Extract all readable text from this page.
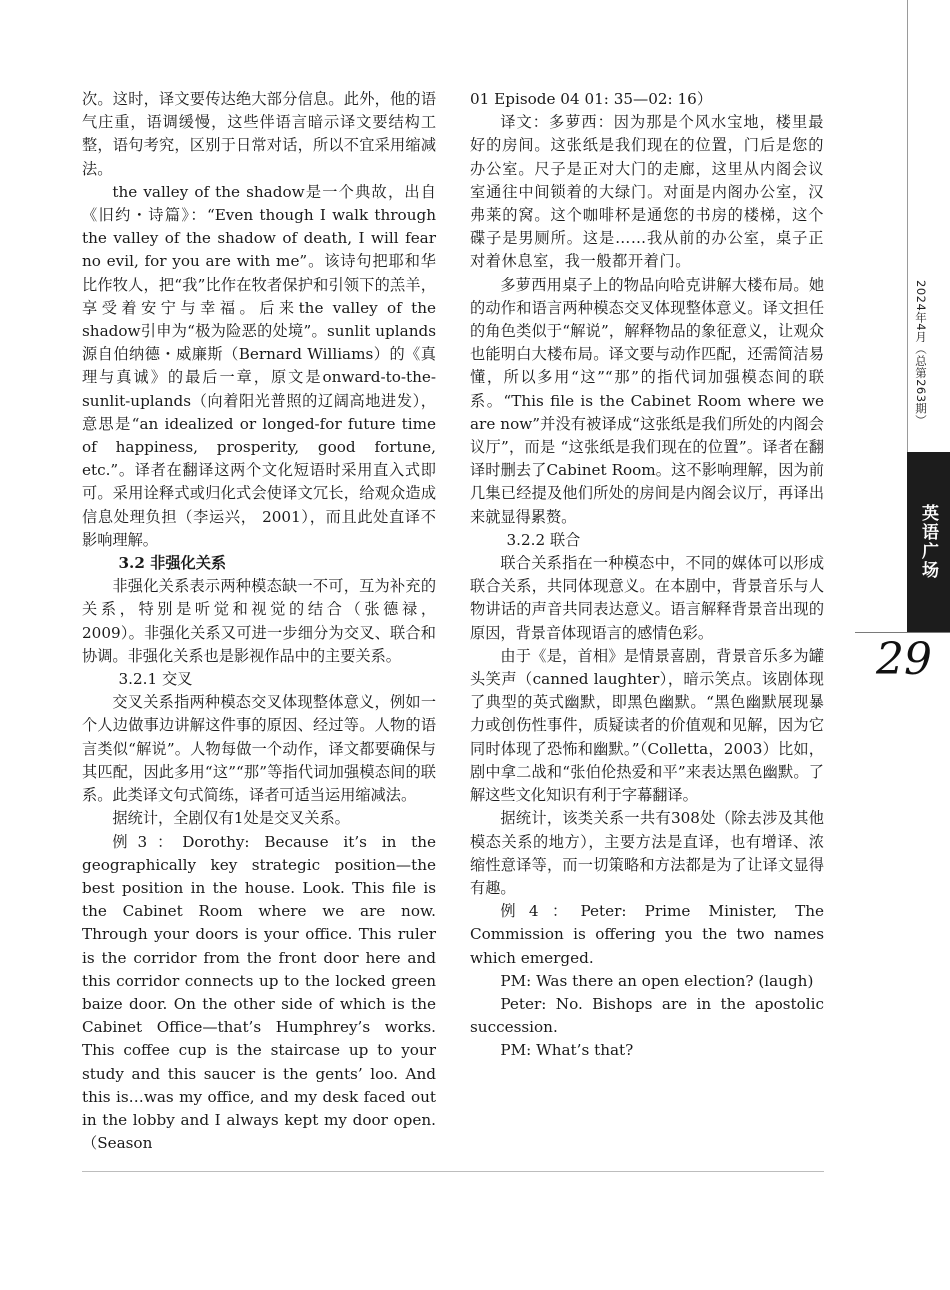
次。这时，译文要传达绝大部分信息。此外，他的语气庄重，语调缓慢，这些伴语言暗示译文要结构工整，语句考究，区别于日常对话，所以不宜采用缩减法。

the valley of the shadow是一个典故，出自《旧约・诗篇》：“Even though I walk through the valley of the shadow of death, I will fear no evil, for you are with me”。该诗句把耶和华比作牧人，把“我”比作在牧者保护和引领下的羔羊，享受着安宁与幸福。后来the valley of the shadow引申为“极为险恶的处境”。sunlit uplands源自伯纳德・威廉斯（Bernard Williams）的《真理与真诚》的最后一章，原文是onward-to-the-sunlit-uplands（向着阳光普照的辽阔高地进发），意思是“an idealized or longed-for future time of happiness, prosperity, good fortune, etc.”。译者在翻译这两个文化短语时采用直入式即可。采用诠释式或归化式会使译文冗长，给观众造成信息处理负担（李运兴， 2001），而且此处直译不影响理解。

3.2 非强化关系

非强化关系表示两种模态缺一不可，互为补充的关系，特别是听觉和视觉的结合（张德禄， 2009）。非强化关系又可进一步细分为交叉、联合和协调。非强化关系也是影视作品中的主要关系。

3.2.1 交叉

交叉关系指两种模态交叉体现整体意义，例如一个人边做事边讲解这件事的原因、经过等。人物的语言类似“解说”。人物每做一个动作，译文都要确保与其匹配，因此多用“这”“那”等指代词加强模态间的联系。此类译文句式简练，译者可适当运用缩减法。

据统计，全剧仅有1处是交叉关系。

例3：Dorothy: Because it’s in the geographically key strategic position—the best position in the house. Look. This file is the Cabinet Room where we are now. Through your doors is your office. This ruler is the corridor from the front door here and this corridor connects up to the locked green baize door. On the other side of which is the Cabinet Office—that’s Humphrey’s works. This coffee cup is the staircase up to your study and this saucer is the gents’ loo. And this is…was my office, and my desk faced out in the lobby and I always kept my door open.（Season

01 Episode 04 01: 35—02: 16）

译文：多萝西：因为那是个风水宝地，楼里最好的房间。这张纸是我们现在的位置，门后是您的办公室。尺子是正对大门的走廊，这里从内阁会议室通往中间锁着的大绿门。对面是内阁办公室，汉弗莱的窝。这个咖啡杯是通您的书房的楼梯，这个碟子是男厕所。这是……我从前的办公室，桌子正对着休息室，我一般都开着门。

多萝西用桌子上的物品向哈克讲解大楼布局。她的动作和语言两种模态交叉体现整体意义。译文担任的角色类似于“解说”，解释物品的象征意义，让观众也能明白大楼布局。译文要与动作匹配，还需简洁易懂，所以多用“这”“那”的指代词加强模态间的联系。“This file is the Cabinet Room where we are now”并没有被译成“这张纸是我们所处的内阁会议厅”，而是 “这张纸是我们现在的位置”。译者在翻译时删去了Cabinet Room。这不影响理解，因为前几集已经提及他们所处的房间是内阁会议厅，再译出来就显得累赘。

3.2.2 联合

联合关系指在一种模态中，不同的媒体可以形成联合关系，共同体现意义。在本剧中，背景音乐与人物讲话的声音共同表达意义。语言解释背景音出现的原因，背景音体现语言的感情色彩。

由于《是，首相》是情景喜剧，背景音乐多为罐头笑声（canned laughter），暗示笑点。该剧体现了典型的英式幽默，即黑色幽默。“黑色幽默展现暴力或创伤性事件，质疑读者的价值观和见解，因为它同时体现了恐怖和幽默。”（Colletta，2003）比如，剧中拿二战和“张伯伦热爱和平”来表达黑色幽默。了解这些文化知识有利于字幕翻译。

据统计，该类关系一共有308处（除去涉及其他模态关系的地方），主要方法是直译，也有增译、浓缩性意译等，而一切策略和方法都是为了让译文显得有趣。

例4：Peter: Prime Minister, The Commission is offering you the two names which emerged.

PM: Was there an open election? (laugh)

Peter: No. Bishops are in the apostolic succession.

PM: What’s that?

2024年4月（总第263期）
英语广场
29
